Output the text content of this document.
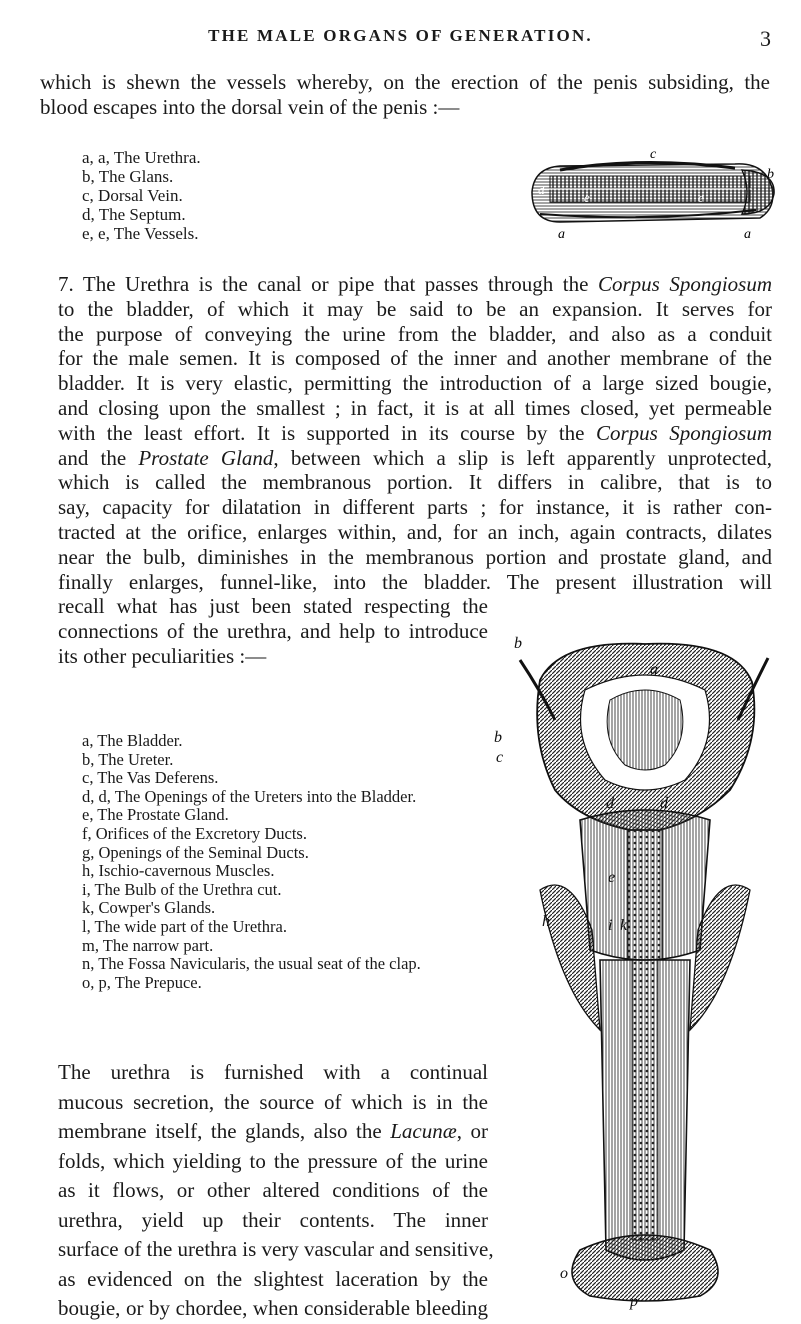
THE MALE ORGANS OF GENERATION.	3
which is shewn the vessels whereby, on the erection of the penis subsiding, the
blood escapes into the dorsal vein of the penis :—
a, a, The Urethra.
b, The Glans.
c, Dorsal Vein.
d, The Septum.
e, e, The Vessels.
c
b
d
e	e
a	a
7. The Urethra is the canal or pipe that passes through the Corpus Spongiosum
to the bladder, of which it may be said to be an expansion. It serves for
the purpose of conveying the urine from the bladder, and also as a conduit
for the male semen. It is composed of the inner and another membrane of the
bladder. It is very elastic, permitting the introduction of a large sized bougie,
and closing upon the smallest ; in fact, it is at all times closed, yet permeable
with the least effort. It is supported in its course by the Corpus Spongiosum
and the Prostate Gland, between which a slip is left apparently unprotected,
which is called the membranous portion. It differs in calibre, that is to
say, capacity for dilatation in different parts ; for instance, it is rather con-
tracted at the orifice, enlarges within, and, for an inch, again contracts, dilates
near the bulb, diminishes in the membranous portion and prostate gland, and
finally enlarges, funnel-like, into the bladder. The present illustration will
recall what has just been stated respecting the
connections of the urethra, and help to introduce
its other peculiarities :—
a, The Bladder.
b, The Ureter.
c, The Vas Deferens.
d, d, The Openings of the Ureters into the Bladder.
e, The Prostate Gland.
f, Orifices of the Excretory Ducts.
g, Openings of the Seminal Ducts.
h, Ischio-cavernous Muscles.
i, The Bulb of the Urethra cut.
k, Cowper's Glands.
l, The wide part of the Urethra.
m, The narrow part.
n, The Fossa Navicularis, the usual seat of the clap.
o, p, The Prepuce.
a
b
b
c
d	d
e
h	i k
o
p
The urethra is furnished with a continual
mucous secretion, the source of which is in the
membrane itself, the glands, also the Lacunæ, or
folds, which yielding to the pressure of the urine
as it flows, or other altered conditions of the
urethra, yield up their contents. The inner
surface of the urethra is very vascular and sensitive,
as evidenced on the slightest laceration by the
bougie, or by chordee, when considerable bleeding
